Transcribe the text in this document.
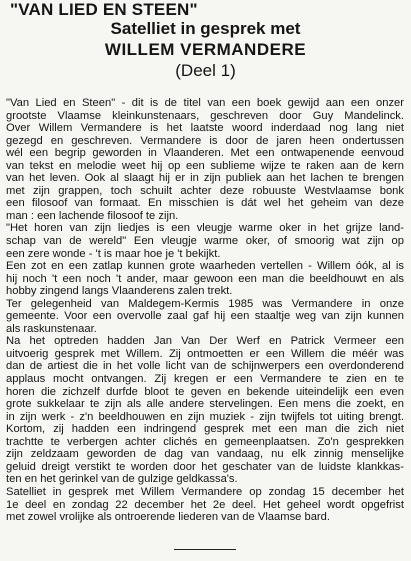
"VAN LIED EN STEEN"
Satelliet in gesprek met
WILLEM VERMANDERE
(Deel 1)
"Van Lied en Steen" - dit is de titel van een boek gewijd aan een onzer
grootste Vlaamse kleinkunstenaars, geschreven door Guy Mandelinck.
Over Willem Vermandere is het laatste woord inderdaad nog lang niet
gezegd en geschreven. Vermandere is door de jaren heen ondertussen
wél een begrip geworden in Vlaanderen. Met een ontwapenende eenvoud
van tekst en melodie weet hij op een sublieme wijze te raken aan de kern
van het leven. Ook al slaagt hij er in zijn publiek aan het lachen te brengen
met zijn grappen, toch schuilt achter deze robuuste Westvlaamse bonk
een filosoof van formaat. En misschien is dát wel het geheim van deze
man : een lachende filosoof te zijn.
"Het horen van zijn liedjes is een vleugje warme oker in het grijze land-
schap van de wereld" Een vleugje warme oker, of smoorig wat zijn op
een zere wonde - 't is maar hoe je 't bekijkt.
Een zot en een zatlap kunnen grote waarheden vertellen - Willem óók, al is
hij noch 't een noch 't ander, maar gewoon een man die beeldhouwt en als
hobby zingend langs Vlaanderens zalen trekt.
Ter gelegenheid van Maldegem-Kermis 1985 was Vermandere in onze
gemeente. Voor een overvolle zaal gaf hij een staaltje weg van zijn kunnen
als raskunstenaar.
Na het optreden hadden Jan Van Der Werf en Patrick Vermeer een
uitvoerig gesprek met Willem. Zij ontmoetten er een Willem die méér was
dan de artiest die in het volle licht van de schijnwerpers een overdonderend
applaus mocht ontvangen. Zij kregen er een Vermandere te zien en te
horen die zichzelf durfde bloot te geven en bekende uiteindelijk een even
grote sukkelaar te zijn als alle andere stervelingen. Een mens die zoekt, en
in zijn werk - z'n beeldhouwen en zijn muziek - zijn twijfels tot uiting brengt.
Kortom, zij hadden een indringend gesprek met een man die zich niet
trachtte te verbergen achter clichés en gemeenplaatsen. Zo'n gesprekken
zijn zeldzaam geworden de dag van vandaag, nu elk zinnig menselijke
geluid dreigt verstikt te worden door het geschater van de luidste klankkas-
ten en het gerinkel van de gulzige geldkassa's.
Satelliet in gesprek met Willem Vermandere op zondag 15 december het
1e deel en zondag 22 december het 2e deel. Het geheel wordt opgefrist
met zowel vrolijke als ontroerende liederen van de Vlaamse bard.
